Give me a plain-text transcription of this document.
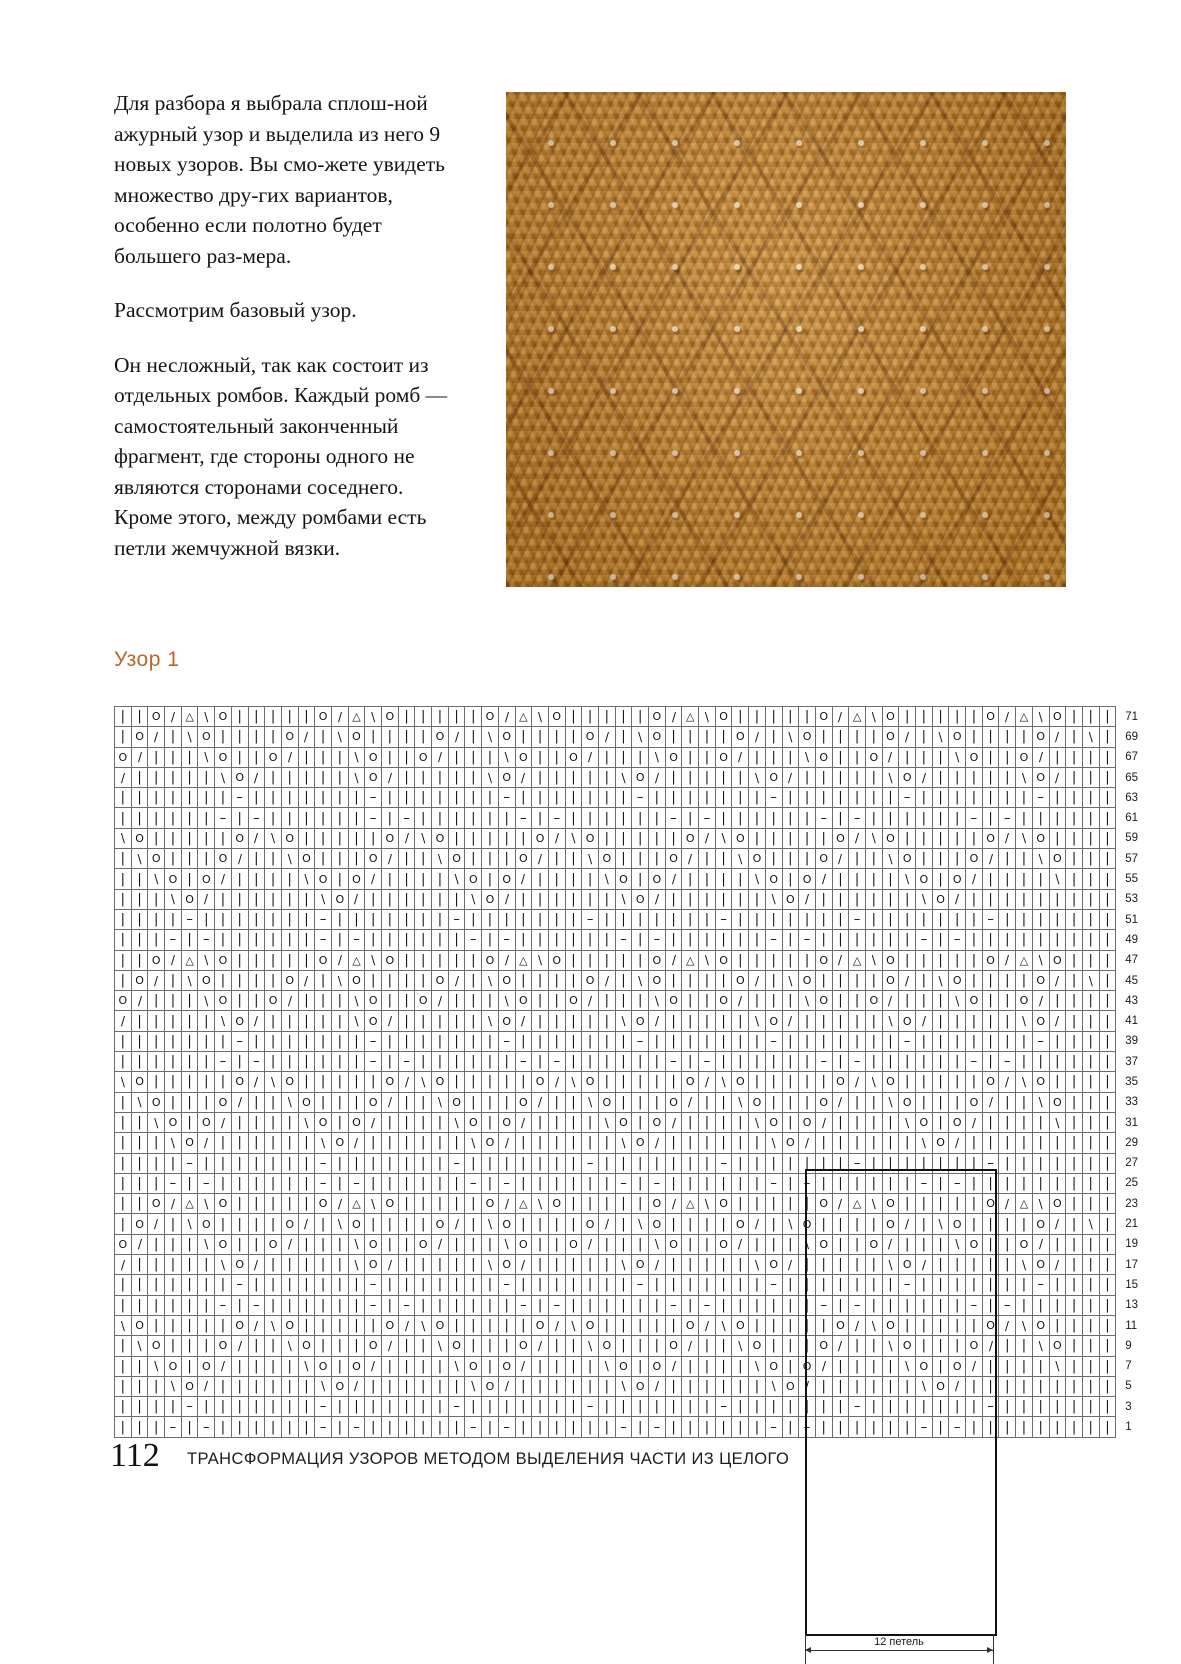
Для разбора я выбрала сплош-ной ажурный узор и выделила из него 9 новых узоров. Вы смо-жете увидеть множество дру-гих вариантов, особенно если полотно будет большего раз-мера.

Рассмотрим базовый узор.

Он несложный, так как состоит из отдельных ромбов. Каждый ромб — самостоятельный законченный фрагмент, где стороны одного не являются сторонами соседнего. Кроме этого, между ромбами есть петли жемчужной вязки.

Узор 1
|	|	O	\	△	\	O	|	|	|	|	|	O	\	△	\	O	|	|	|	|	|	O	\	△	\	O	|	|	|	|	|	O	\	△	\	O	|	|	|	|	|	O	\	△	\	O	|	|	|	|	|	O	\	△	\	O	|	|	|	71
|	O	\	|	\	O	|	|	|	|	O	\	|	\	O	|	|	|	|	O	\	|	\	O	|	|	|	|	O	\	|	\	O	|	|	|	|	O	\	|	\	O	|	|	|	|	O	\	|	\	O	|	|	|	|	O	\	|	\	|	69
O	\	|	|	|	\	O	|	|	O	\	|	|	|	\	O	|	|	O	\	|	|	|	\	O	|	|	O	\	|	|	|	\	O	|	|	O	\	|	|	|	\	O	|	|	O	\	|	|	|	\	O	|	|	O	\	|	|	|	|	67
\	|	|	|	|	|	\	O	\	|	|	|	|	|	\	O	\	|	|	|	|	|	\	O	\	|	|	|	|	|	\	O	\	|	|	|	|	|	\	O	\	|	|	|	|	|	\	O	\	|	|	|	|	|	\	O	\	|	|	|	65
|	|	|	|	|	|	|	–	|	|	|	|	|	|	|	–	|	|	|	|	|	|	|	–	|	|	|	|	|	|	|	–	|	|	|	|	|	|	|	–	|	|	|	|	|	|	|	–	|	|	|	|	|	|	|	–	|	|	|	|	63
|	|	|	|	|	|	–	|	–	|	|	|	|	|	|	–	|	–	|	|	|	|	|	|	–	|	–	|	|	|	|	|	|	–	|	–	|	|	|	|	|	|	–	|	–	|	|	|	|	|	|	–	|	–	|	|	|	|	|	|	61
\	O	|	|	|	|	|	O	\	\	O	|	|	|	|	|	O	\	\	O	|	|	|	|	|	O	\	\	O	|	|	|	|	|	O	\	\	O	|	|	|	|	|	O	\	\	O	|	|	|	|	|	O	\	\	O	|	|	|	|	59
|	\	O	|	|	|	O	\	|	|	\	O	|	|	|	O	\	|	|	\	O	|	|	|	O	\	|	|	\	O	|	|	|	O	\	|	|	\	O	|	|	|	O	\	|	|	\	O	|	|	|	O	\	|	|	\	O	|	|	|	57
|	|	\	O	|	O	\	|	|	|	|	\	O	|	O	\	|	|	|	|	\	O	|	O	\	|	|	|	|	\	O	|	O	\	|	|	|	|	\	O	|	O	\	|	|	|	|	\	O	|	O	\	|	|	|	|	\	|	|	|	55
|	|	|	\	O	\	|	|	|	|	|	|	\	O	\	|	|	|	|	|	|	\	O	\	|	|	|	|	|	|	\	O	\	|	|	|	|	|	|	\	O	\	|	|	|	|	|	|	\	O	\	|	|	|	|	|	|	|	|	|	53
|	|	|	|	–	|	|	|	|	|	|	|	–	|	|	|	|	|	|	|	–	|	|	|	|	|	|	|	–	|	|	|	|	|	|	|	–	|	|	|	|	|	|	|	–	|	|	|	|	|	|	|	–	|	|	|	|	|	|	|	51
|	|	|	–	|	–	|	|	|	|	|	|	–	|	–	|	|	|	|	|	|	–	|	–	|	|	|	|	|	|	–	|	–	|	|	|	|	|	|	–	|	–	|	|	|	|	|	|	–	|	–	|	|	|	|	|	|	|	|	|	49
|	|	O	\	△	\	O	|	|	|	|	|	O	\	△	\	O	|	|	|	|	|	O	\	△	\	O	|	|	|	|	|	O	\	△	\	O	|	|	|	|	|	O	\	△	\	O	|	|	|	|	|	O	\	△	\	O	|	|	|	47
|	O	\	|	\	O	|	|	|	|	O	\	|	\	O	|	|	|	|	O	\	|	\	O	|	|	|	|	O	\	|	\	O	|	|	|	|	O	\	|	\	O	|	|	|	|	O	\	|	\	O	|	|	|	|	O	\	|	\	|	45
O	\	|	|	|	\	O	|	|	O	\	|	|	|	\	O	|	|	O	\	|	|	|	\	O	|	|	O	\	|	|	|	\	O	|	|	O	\	|	|	|	\	O	|	|	O	\	|	|	|	\	O	|	|	O	\	|	|	|	|	43
\	|	|	|	|	|	\	O	\	|	|	|	|	|	\	O	\	|	|	|	|	|	\	O	\	|	|	|	|	|	\	O	\	|	|	|	|	|	\	O	\	|	|	|	|	|	\	O	\	|	|	|	|	|	\	O	\	|	|	|	41
|	|	|	|	|	|	|	–	|	|	|	|	|	|	|	–	|	|	|	|	|	|	|	–	|	|	|	|	|	|	|	–	|	|	|	|	|	|	|	–	|	|	|	|	|	|	|	–	|	|	|	|	|	|	|	–	|	|	|	|	39
|	|	|	|	|	|	–	|	–	|	|	|	|	|	|	–	|	–	|	|	|	|	|	|	–	|	–	|	|	|	|	|	|	–	|	–	|	|	|	|	|	|	–	|	–	|	|	|	|	|	|	–	|	–	|	|	|	|	|	|	37
\	O	|	|	|	|	|	O	\	\	O	|	|	|	|	|	O	\	\	O	|	|	|	|	|	O	\	\	O	|	|	|	|	|	O	\	\	O	|	|	|	|	|	O	\	\	O	|	|	|	|	|	O	\	\	O	|	|	|	|	35
|	\	O	|	|	|	O	\	|	|	\	O	|	|	|	O	\	|	|	\	O	|	|	|	O	\	|	|	\	O	|	|	|	O	\	|	|	\	O	|	|	|	O	\	|	|	\	O	|	|	|	O	\	|	|	\	O	|	|	|	33
|	|	\	O	|	O	\	|	|	|	|	\	O	|	O	\	|	|	|	|	\	O	|	O	\	|	|	|	|	\	O	|	O	\	|	|	|	|	\	O	|	O	\	|	|	|	|	\	O	|	O	\	|	|	|	|	\	|	|	|	31
|	|	|	\	O	\	|	|	|	|	|	|	\	O	\	|	|	|	|	|	|	\	O	\	|	|	|	|	|	|	\	O	\	|	|	|	|	|	|	\	O	\	|	|	|	|	|	|	\	O	\	|	|	|	|	|	|	|	|	|	29
|	|	|	|	–	|	|	|	|	|	|	|	–	|	|	|	|	|	|	|	–	|	|	|	|	|	|	|	–	|	|	|	|	|	|	|	–	|	|	|	|	|	|	|	–	|	|	|	|	|	|	|	–	|	|	|	|	|	|	|	27
|	|	|	–	|	–	|	|	|	|	|	|	–	|	–	|	|	|	|	|	|	–	|	–	|	|	|	|	|	|	–	|	–	|	|	|	|	|	|	–	|	–	|	|	|	|	|	|	–	|	–	|	|	|	|	|	|	|	|	|	25
|	|	O	\	△	\	O	|	|	|	|	|	O	\	△	\	O	|	|	|	|	|	O	\	△	\	O	|	|	|	|	|	O	\	△	\	O	|	|	|	|	|	O	\	△	\	O	|	|	|	|	|	O	\	△	\	O	|	|	|	23
|	O	\	|	\	O	|	|	|	|	O	\	|	\	O	|	|	|	|	O	\	|	\	O	|	|	|	|	O	\	|	\	O	|	|	|	|	O	\	|	\	O	|	|	|	|	O	\	|	\	O	|	|	|	|	O	\	|	\	|	21
O	\	|	|	|	\	O	|	|	O	\	|	|	|	\	O	|	|	O	\	|	|	|	\	O	|	|	O	\	|	|	|	\	O	|	|	O	\	|	|	|	\	O	|	|	O	\	|	|	|	\	O	|	|	O	\	|	|	|	|	19
\	|	|	|	|	|	\	O	\	|	|	|	|	|	\	O	\	|	|	|	|	|	\	O	\	|	|	|	|	|	\	O	\	|	|	|	|	|	\	O	\	|	|	|	|	|	\	O	\	|	|	|	|	|	\	O	\	|	|	|	17
|	|	|	|	|	|	|	–	|	|	|	|	|	|	|	–	|	|	|	|	|	|	|	–	|	|	|	|	|	|	|	–	|	|	|	|	|	|	|	–	|	|	|	|	|	|	|	–	|	|	|	|	|	|	|	–	|	|	|	|	15
|	|	|	|	|	|	–	|	–	|	|	|	|	|	|	–	|	–	|	|	|	|	|	|	–	|	–	|	|	|	|	|	|	–	|	–	|	|	|	|	|	|	–	|	–	|	|	|	|	|	|	–	|	–	|	|	|	|	|	|	13
\	O	|	|	|	|	|	O	\	\	O	|	|	|	|	|	O	\	\	O	|	|	|	|	|	O	\	\	O	|	|	|	|	|	O	\	\	O	|	|	|	|	|	O	\	\	O	|	|	|	|	|	O	\	\	O	|	|	|	|	11
|	\	O	|	|	|	O	\	|	|	\	O	|	|	|	O	\	|	|	\	O	|	|	|	O	\	|	|	\	O	|	|	|	O	\	|	|	\	O	|	|	|	O	\	|	|	\	O	|	|	|	O	\	|	|	\	O	|	|	|	9
|	|	\	O	|	O	\	|	|	|	|	\	O	|	O	\	|	|	|	|	\	O	|	O	\	|	|	|	|	\	O	|	O	\	|	|	|	|	\	O	|	O	\	|	|	|	|	\	O	|	O	\	|	|	|	|	\	|	|	|	7
|	|	|	\	O	\	|	|	|	|	|	|	\	O	\	|	|	|	|	|	|	\	O	\	|	|	|	|	|	|	\	O	\	|	|	|	|	|	|	\	O	\	|	|	|	|	|	|	\	O	\	|	|	|	|	|	|	|	|	|	5
|	|	|	|	–	|	|	|	|	|	|	|	–	|	|	|	|	|	|	|	–	|	|	|	|	|	|	|	–	|	|	|	|	|	|	|	–	|	|	|	|	|	|	|	–	|	|	|	|	|	|	|	–	|	|	|	|	|	|	|	3
|	|	|	–	|	–	|	|	|	|	|	|	–	|	–	|	|	|	|	|	|	–	|	–	|	|	|	|	|	|	–	|	–	|	|	|	|	|	|	–	|	–	|	|	|	|	|	|	–	|	–	|	|	|	|	|	|	|	|	|	1
12 петель
112 ТРАНСФОРМАЦИЯ УЗОРОВ МЕТОДОМ ВЫДЕЛЕНИЯ ЧАСТИ ИЗ ЦЕЛОГО
